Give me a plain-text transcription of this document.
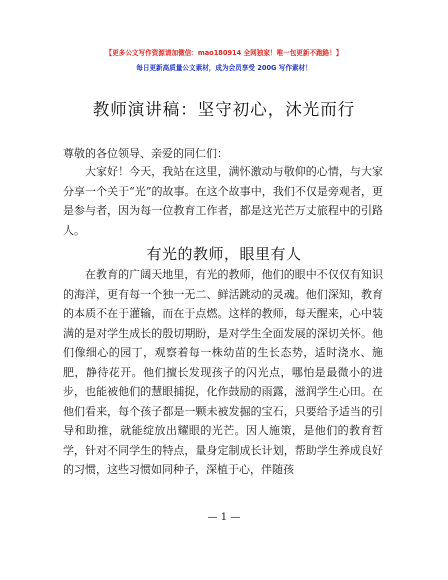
【更多公文写作资源请加微信：mao180914 全网独家！唯一包更新不跑路！】
每日更新高质量公文素材，成为会员享受 200G 写作素材！
教师演讲稿：坚守初心，沐光而行
尊敬的各位领导、亲爱的同仁们：

大家好！今天，我站在这里，满怀激动与敬仰的心情，与大家分享一个关于“光”的故事。在这个故事中，我们不仅是旁观者，更是参与者，因为每一位教育工作者，都是这光芒万丈旅程中的引路人。

有光的教师，眼里有人

在教育的广阔天地里，有光的教师，他们的眼中不仅仅有知识的海洋，更有每一个独一无二、鲜活跳动的灵魂。他们深知，教育的本质不在于灌输，而在于点燃。这样的教师，每天醒来，心中装满的是对学生成长的殷切期盼，是对学生全面发展的深切关怀。他们像细心的园丁，观察着每一株幼苗的生长态势，适时浇水、施肥，静待花开。他们擅长发现孩子的闪光点，哪怕是最微小的进步，也能被他们的慧眼捕捉，化作鼓励的雨露，滋润学生心田。在他们看来，每个孩子都是一颗未被发掘的宝石，只要给予适当的引导和助推，就能绽放出耀眼的光芒。因人施策，是他们的教育哲学，针对不同学生的特点，量身定制成长计划，帮助学生养成良好的习惯，这些习惯如同种子，深植于心，伴随孩

— 1 —
